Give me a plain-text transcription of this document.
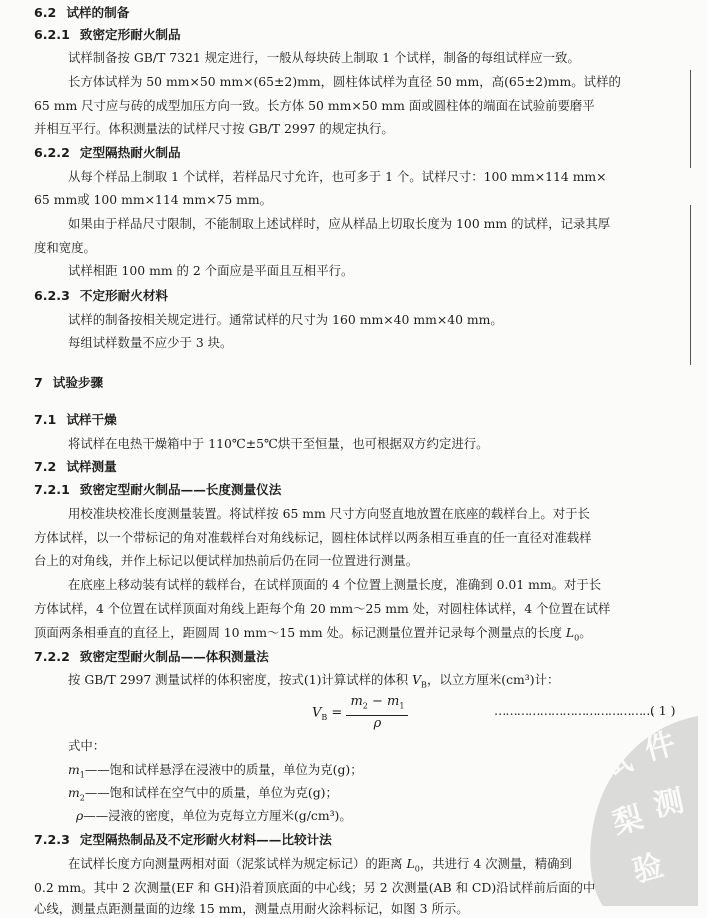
6.2 试样的制备
6.2.1 致密定形耐火制品
试样制备按 GB/T 7321 规定进行，一般从每块砖上制取 1 个试样，制备的每组试样应一致。
长方体试样为 50 mm×50 mm×(65±2)mm，圆柱体试样为直径 50 mm，高(65±2)mm。试样的
65 mm 尺寸应与砖的成型加压方向一致。长方体 50 mm×50 mm 面或圆柱体的端面在试验前要磨平
并相互平行。体积测量法的试样尺寸按 GB/T 2997 的规定执行。
6.2.2 定型隔热耐火制品
从每个样品上制取 1 个试样，若样品尺寸允许，也可多于 1 个。试样尺寸：100 mm×114 mm×
65 mm或 100 mm×114 mm×75 mm。
如果由于样品尺寸限制，不能制取上述试样时，应从样品上切取长度为 100 mm 的试样，记录其厚
度和宽度。
试样相距 100 mm 的 2 个面应是平面且互相平行。
6.2.3 不定形耐火材料
试样的制备按相关规定进行。通常试样的尺寸为 160 mm×40 mm×40 mm。
每组试样数量不应少于 3 块。
7 试验步骤
7.1 试样干燥
将试样在电热干燥箱中于 110℃±5℃烘干至恒量，也可根据双方约定进行。
7.2 试样测量
7.2.1 致密定型耐火制品——长度测量仪法
用校准块校准长度测量装置。将试样按 65 mm 尺寸方向竖直地放置在底座的载样台上。对于长
方体试样，以一个带标记的角对准载样台对角线标记，圆柱体试样以两条相互垂直的任一直径对准载样
台上的对角线，并作上标记以便试样加热前后仍在同一位置进行测量。
在底座上移动装有试样的载样台，在试样顶面的 4 个位置上测量长度，准确到 0.01 mm。对于长
方体试样，4 个位置在试样顶面对角线上距每个角 20 mm～25 mm 处，对圆柱体试样，4 个位置在试样
顶面两条相垂直的直径上，距圆周 10 mm～15 mm 处。标记测量位置并记录每个测量点的长度 $L_0$。
7.2.2 致密定型耐火制品——体积测量法
按 GB/T 2997 测量试样的体积密度，按式(1)计算试样的体积 $V_B$，以立方厘米(cm³)计：
$V_B = \frac{m_2 - m_1}{\rho}$	……………………………………
( 1 )
式中：
$m_1——$饱和试样悬浮在浸液中的质量，单位为克(g)；
$m_2——$饱和试样在空气中的质量，单位为克(g)；
ρ——浸液的密度，单位为克每立方厘米(g/cm³)。
7.2.3 定型隔热制品及不定形耐火材料——比较计法
在试样长度方向测量两相对面（泥浆试样为规定标记）的距离 $L_0$，共进行 4 次测量，精确到
0.2 mm。其中 2 次测量(EF 和 GH)沿着顶底面的中心线；另 2 次测量(AB 和 CD)沿试样前后面的中
心线，测量点距测量面的边缘 15 mm，测量点用耐火涂料标记，如图 3 所示。
试 件
梨 测
验
